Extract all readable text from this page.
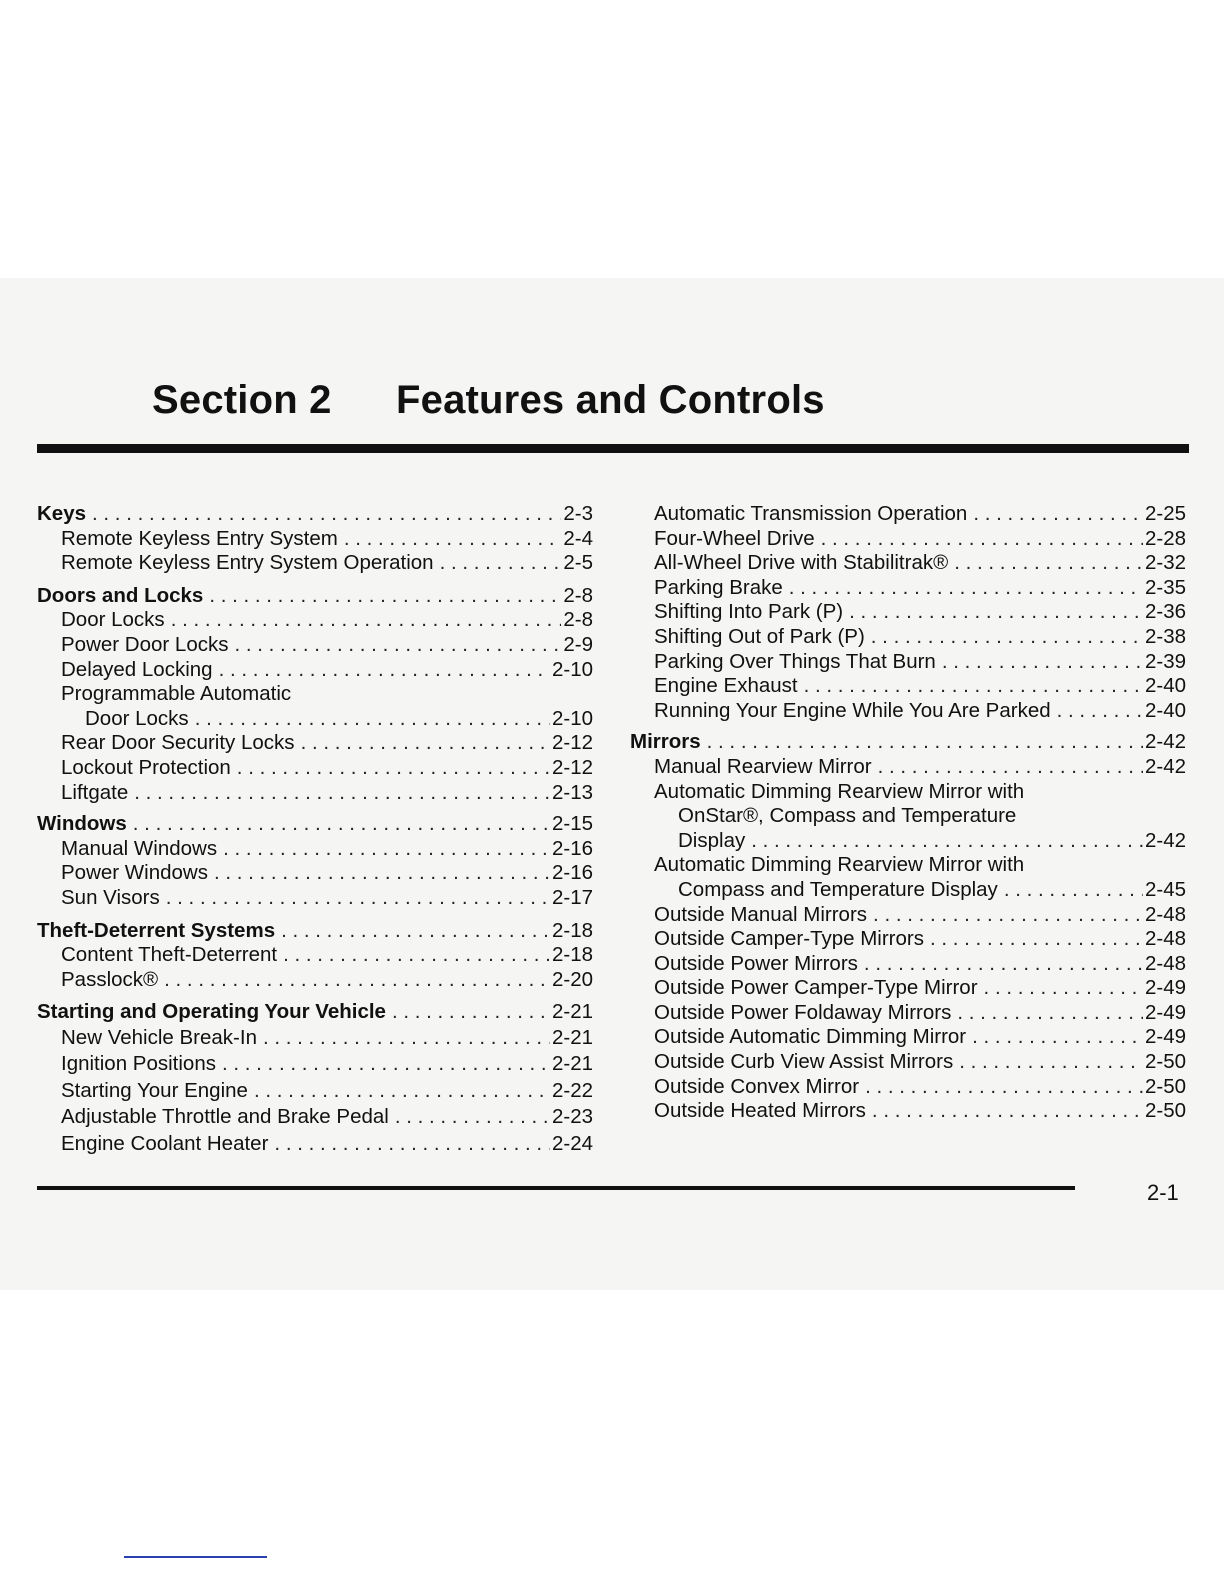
Section 2 Features and Controls
Keys . . .	2-3
Remote Keyless Entry System . . .	2-4
Remote Keyless Entry System Operation . . .	2-5
Doors and Locks . . .	2-8
Door Locks . . .	2-8
Power Door Locks . . .	2-9
Delayed Locking . . .	2-10
Programmable Automatic
Door Locks . . .	2-10
Rear Door Security Locks . . .	2-12
Lockout Protection . . .	2-12
Liftgate . . .	2-13
Windows . . .	2-15
Manual Windows . . .	2-16
Power Windows . . .	2-16
Sun Visors . . .	2-17
Theft-Deterrent Systems . . .	2-18
Content Theft-Deterrent . . .	2-18
Passlock® . . .	2-20
Starting and Operating Your Vehicle . . .	2-21
New Vehicle Break-In . . .	2-21
Ignition Positions . . .	2-21
Starting Your Engine . . .	2-22
Adjustable Throttle and Brake Pedal . . .	2-23
Engine Coolant Heater . . .	2-24
Automatic Transmission Operation . . .	2-25
Four-Wheel Drive . . .	2-28
All-Wheel Drive with Stabilitrak® . . .	2-32
Parking Brake . . .	2-35
Shifting Into Park (P) . . .	2-36
Shifting Out of Park (P) . . .	2-38
Parking Over Things That Burn . . .	2-39
Engine Exhaust . . .	2-40
Running Your Engine While You Are Parked . . .	2-40
Mirrors . . .	2-42
Manual Rearview Mirror . . .	2-42
Automatic Dimming Rearview Mirror with
OnStar®, Compass and Temperature
Display . . .	2-42
Automatic Dimming Rearview Mirror with
Compass and Temperature Display . . .	2-45
Outside Manual Mirrors . . .	2-48
Outside Camper-Type Mirrors . . .	2-48
Outside Power Mirrors . . .	2-48
Outside Power Camper-Type Mirror . . .	2-49
Outside Power Foldaway Mirrors . . .	2-49
Outside Automatic Dimming Mirror . . .	2-49
Outside Curb View Assist Mirrors . . .	2-50
Outside Convex Mirror . . .	2-50
Outside Heated Mirrors . . .	2-50
2-1
